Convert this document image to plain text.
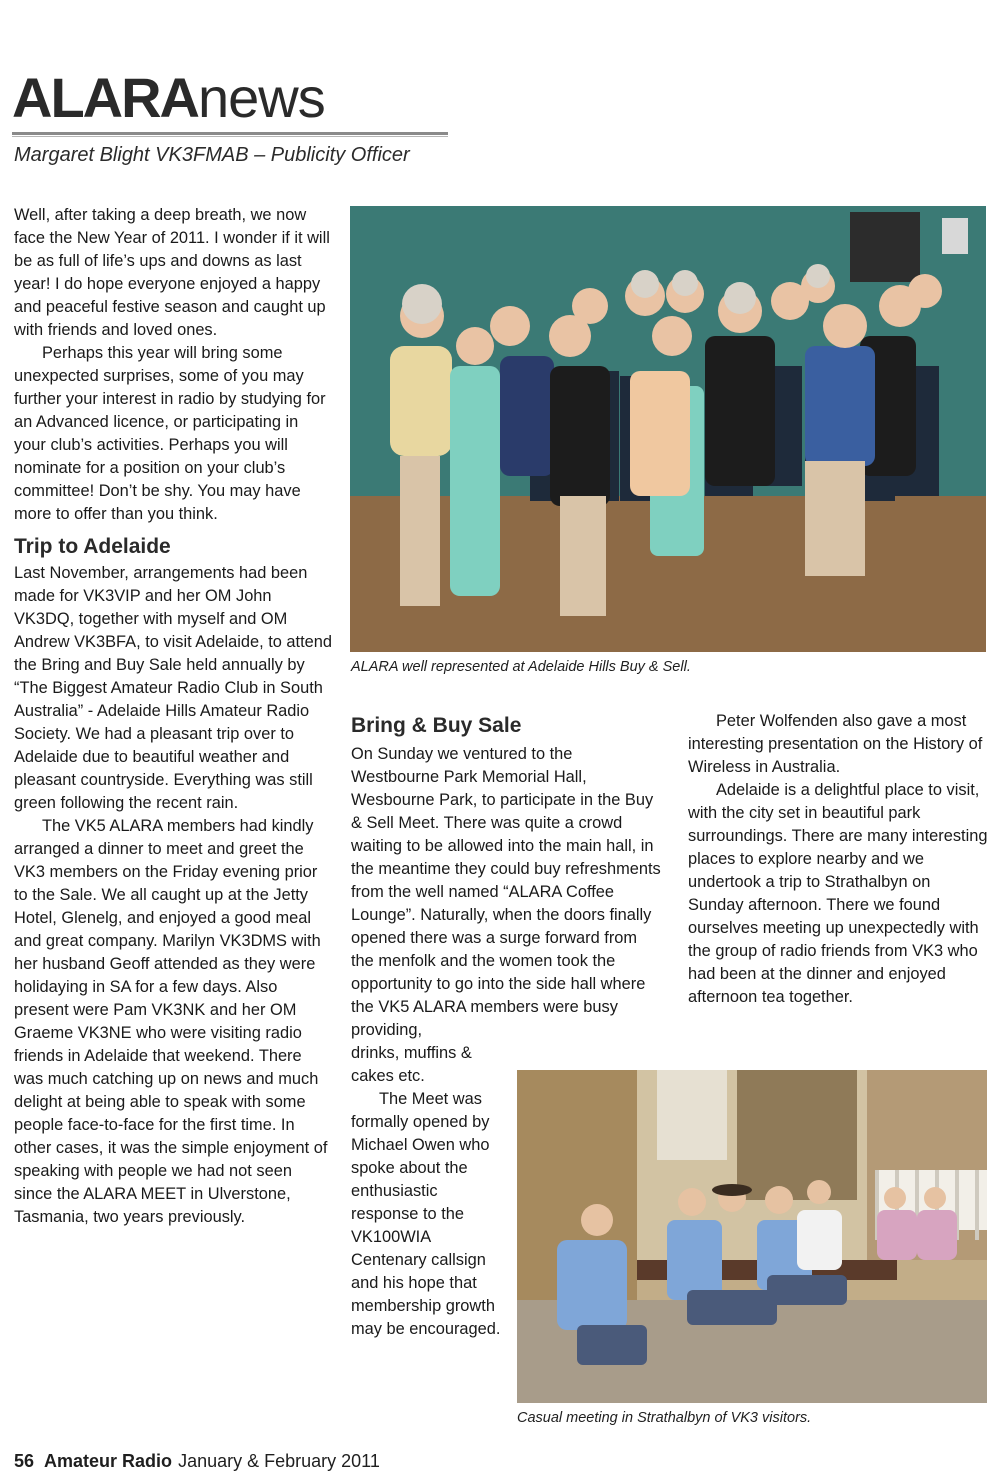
ALARAnews
Margaret Blight VK3FMAB – Publicity Officer

Well, after taking a deep breath, we now face the New Year of 2011. I wonder if it will be as full of life’s ups and downs as last year! I do hope everyone enjoyed a happy and peaceful festive season and caught up with friends and loved ones.

Perhaps this year will bring some unexpected surprises, some of you may further your interest in radio by studying for an Advanced licence, or participating in your club’s activities. Perhaps you will nominate for a position on your club’s committee! Don’t be shy. You may have more to offer than you think.

Trip to Adelaide

Last November, arrangements had been made for VK3VIP and her OM John VK3DQ, together with myself and OM Andrew VK3BFA, to visit Adelaide, to attend the Bring and Buy Sale held annually by “The Biggest Amateur Radio Club in South Australia” - Adelaide Hills Amateur Radio Society. We had a pleasant trip over to Adelaide due to beautiful weather and pleasant countryside. Everything was still green following the recent rain.

The VK5 ALARA members had kindly arranged a dinner to meet and greet the VK3 members on the Friday evening prior to the Sale. We all caught up at the Jetty Hotel, Glenelg, and enjoyed a good meal and great company. Marilyn VK3DMS with her husband Geoff attended as they were holidaying in SA for a few days. Also present were Pam VK3NK and her OM Graeme VK3NE who were visiting radio friends in Adelaide that weekend. There was much catching up on news and much delight at being able to speak with some people face-to-face for the first time. In other cases, it was the simple enjoyment of speaking with people we had not seen since the ALARA MEET in Ulverstone, Tasmania, two years previously.

ALARA well represented at Adelaide Hills Buy & Sell.
Bring & Buy Sale

On Sunday we ventured to the Westbourne Park Memorial Hall, Wesbourne Park, to participate in the Buy & Sell Meet. There was quite a crowd waiting to be allowed into the main hall, in the meantime they could buy refreshments from the well named “ALARA Coffee Lounge”. Naturally, when the doors finally opened there was a surge forward from the menfolk and the women took the opportunity to go into the side hall where the VK5 ALARA members were busy providing,

drinks, muffins & cakes etc.

The Meet was formally opened by Michael Owen who spoke about the enthusiastic response to the VK100WIA Centenary callsign and his hope that membership growth may be encouraged.

Peter Wolfenden also gave a most interesting presentation on the History of Wireless in Australia.

Adelaide is a delightful place to visit, with the city set in beautiful park surroundings. There are many interesting places to explore nearby and we undertook a trip to Strathalbyn on Sunday afternoon. There we found ourselves meeting up unexpectedly with the group of radio friends from VK3 who had been at the dinner and enjoyed afternoon tea together.

Casual meeting in Strathalbyn of VK3 visitors.
56 Amateur Radio January & February 2011
